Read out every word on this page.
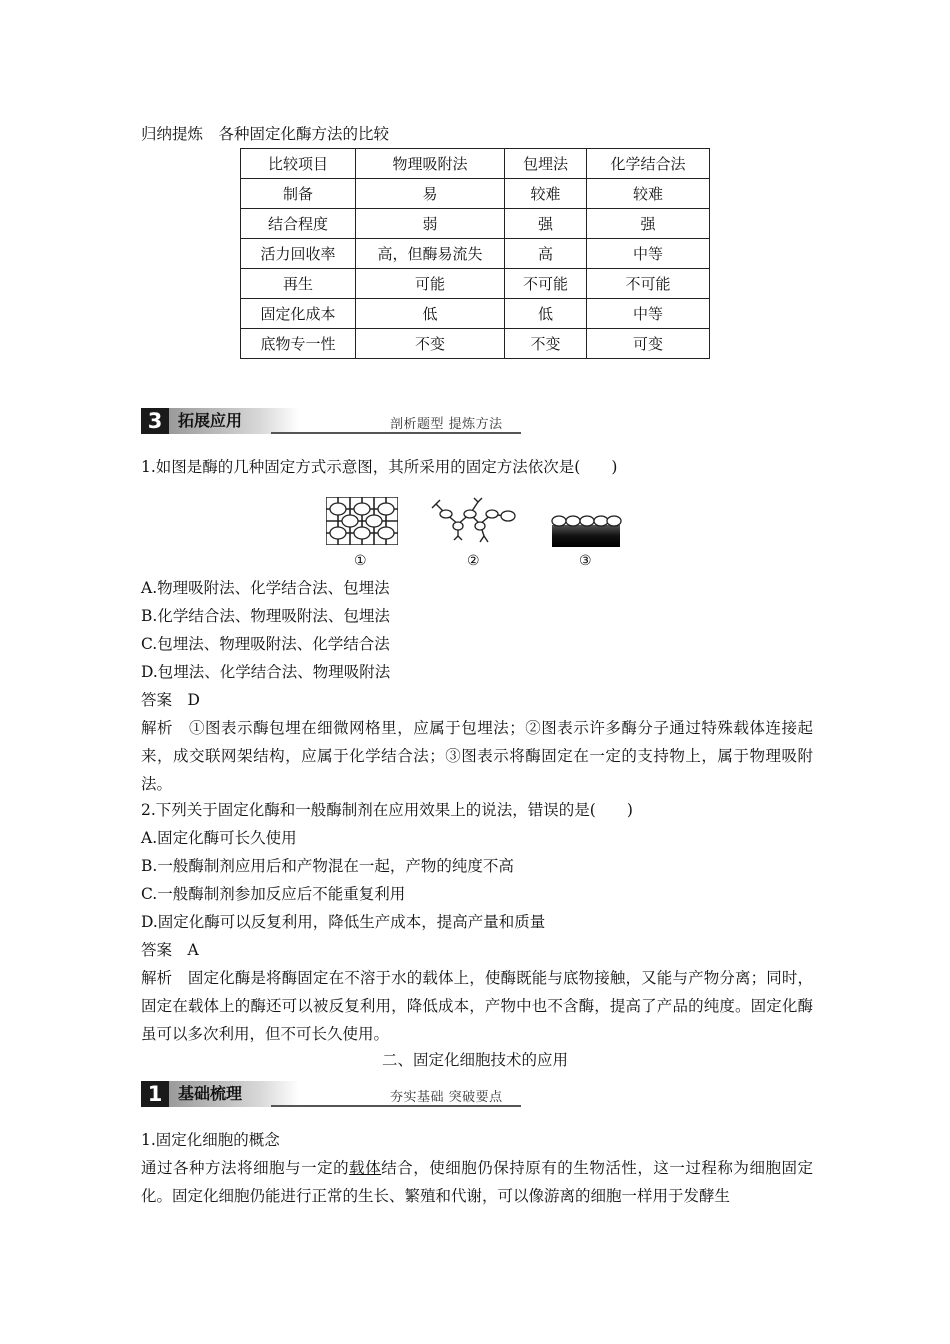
归纳提炼　各种固定化酶方法的比较
比较项目	物理吸附法	包埋法	化学结合法
制备	易	较难	较难
结合程度	弱	强	强
活力回收率	高，但酶易流失	高	中等
再生	可能	不可能	不可能
固定化成本	低	低	中等
底物专一性	不变	不变	可变
3 拓展应用	剖析题型 提炼方法
1.如图是酶的几种固定方式示意图，其所采用的固定方法依次是(　　)
①	②	③
A.物理吸附法、化学结合法、包埋法
B.化学结合法、物理吸附法、包埋法
C.包埋法、物理吸附法、化学结合法
D.包埋法、化学结合法、物理吸附法
答案　D
解析　①图表示酶包埋在细微网格里，应属于包埋法；②图表示许多酶分子通过特殊载体连接起来，成交联网架结构，应属于化学结合法；③图表示将酶固定在一定的支持物上，属于物理吸附法。
2.下列关于固定化酶和一般酶制剂在应用效果上的说法，错误的是(　　)
A.固定化酶可长久使用
B.一般酶制剂应用后和产物混在一起，产物的纯度不高
C.一般酶制剂参加反应后不能重复利用
D.固定化酶可以反复利用，降低生产成本，提高产量和质量
答案　A
解析　固定化酶是将酶固定在不溶于水的载体上，使酶既能与底物接触，又能与产物分离；同时，固定在载体上的酶还可以被反复利用，降低成本，产物中也不含酶，提高了产品的纯度。固定化酶虽可以多次利用，但不可长久使用。
二、固定化细胞技术的应用
1 基础梳理	夯实基础 突破要点
1.固定化细胞的概念
通过各种方法将细胞与一定的载体结合，使细胞仍保持原有的生物活性，这一过程称为细胞固定化。固定化细胞仍能进行正常的生长、繁殖和代谢，可以像游离的细胞一样用于发酵生
